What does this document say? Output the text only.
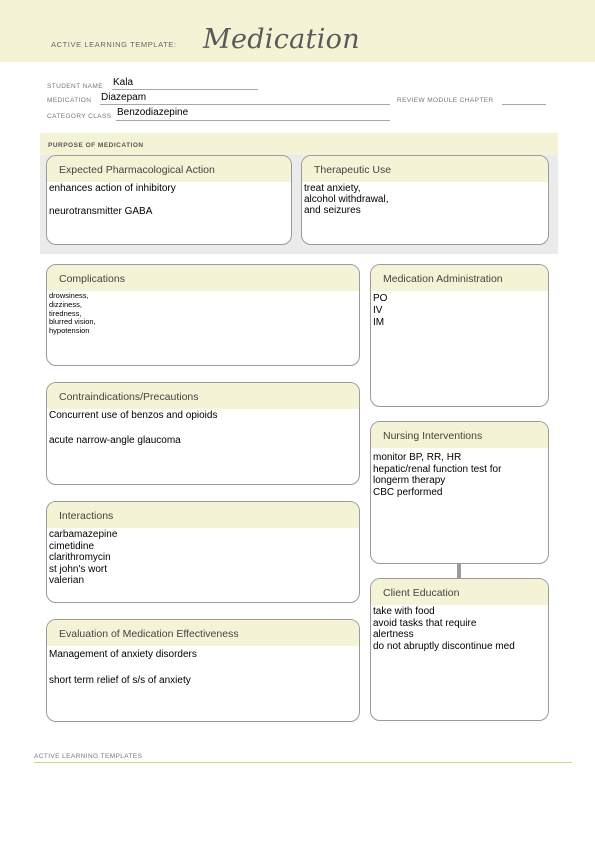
ACTIVE LEARNING TEMPLATE: Medication
STUDENT NAME Kala
MEDICATION Diazepam	REVIEW MODULE CHAPTER
CATEGORY CLASS Benzodiazepine
PURPOSE OF MEDICATION
Expected Pharmacological Action
enhances action of inhibitory

neurotransmitter GABA
Therapeutic Use
treat anxiety,
alcohol withdrawal,
and seizures
Complications
drowsiness,
dizziness,
tiredness,
blurred vision,
hypotension
Contraindications/Precautions
Concurrent use of benzos and opioids

acute narrow-angle glaucoma
Interactions
carbamazepine
cimetidine
clarithromycin
st john's wort
valerian
Evaluation of Medication Effectiveness
Management of anxiety disorders

short term relief of s/s of anxiety
Medication Administration
PO
IV
IM
Nursing Interventions
monitor BP, RR, HR
hepatic/renal function test for
longerm therapy
CBC performed
Client Education
take with food
avoid tasks that require
alertness
do not abruptly discontinue med
ACTIVE LEARNING TEMPLATES
